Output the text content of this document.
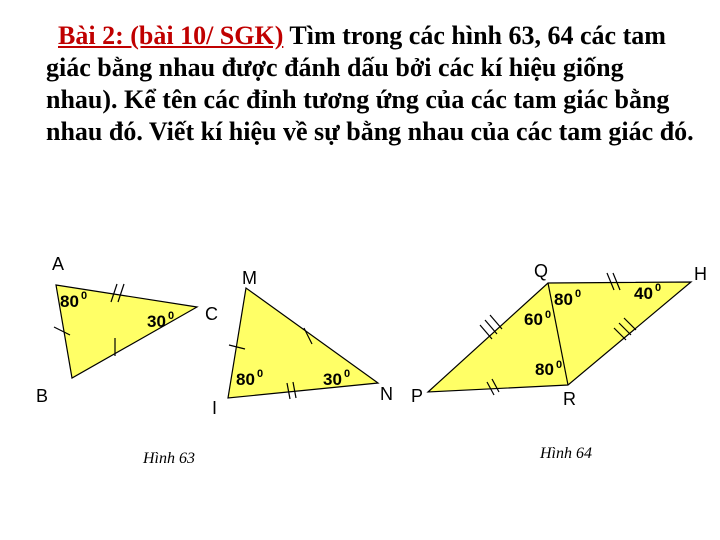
Bài 2: (bài 10/ SGK) Tìm trong các hình 63, 64 các tam giác bằng nhau được đánh dấu bởi các kí hiệu giống nhau). Kể tên các đỉnh tương ứng của các tam giác bằng nhau đó. Viết kí hiệu về sự bằng nhau của các tam giác đó.
A
B
C
M
I
N
80 0
30 0
80 0	30 0
Hình 63
Q	H
P	R
60 0
80 0	40 0
80 0
Hình 64
